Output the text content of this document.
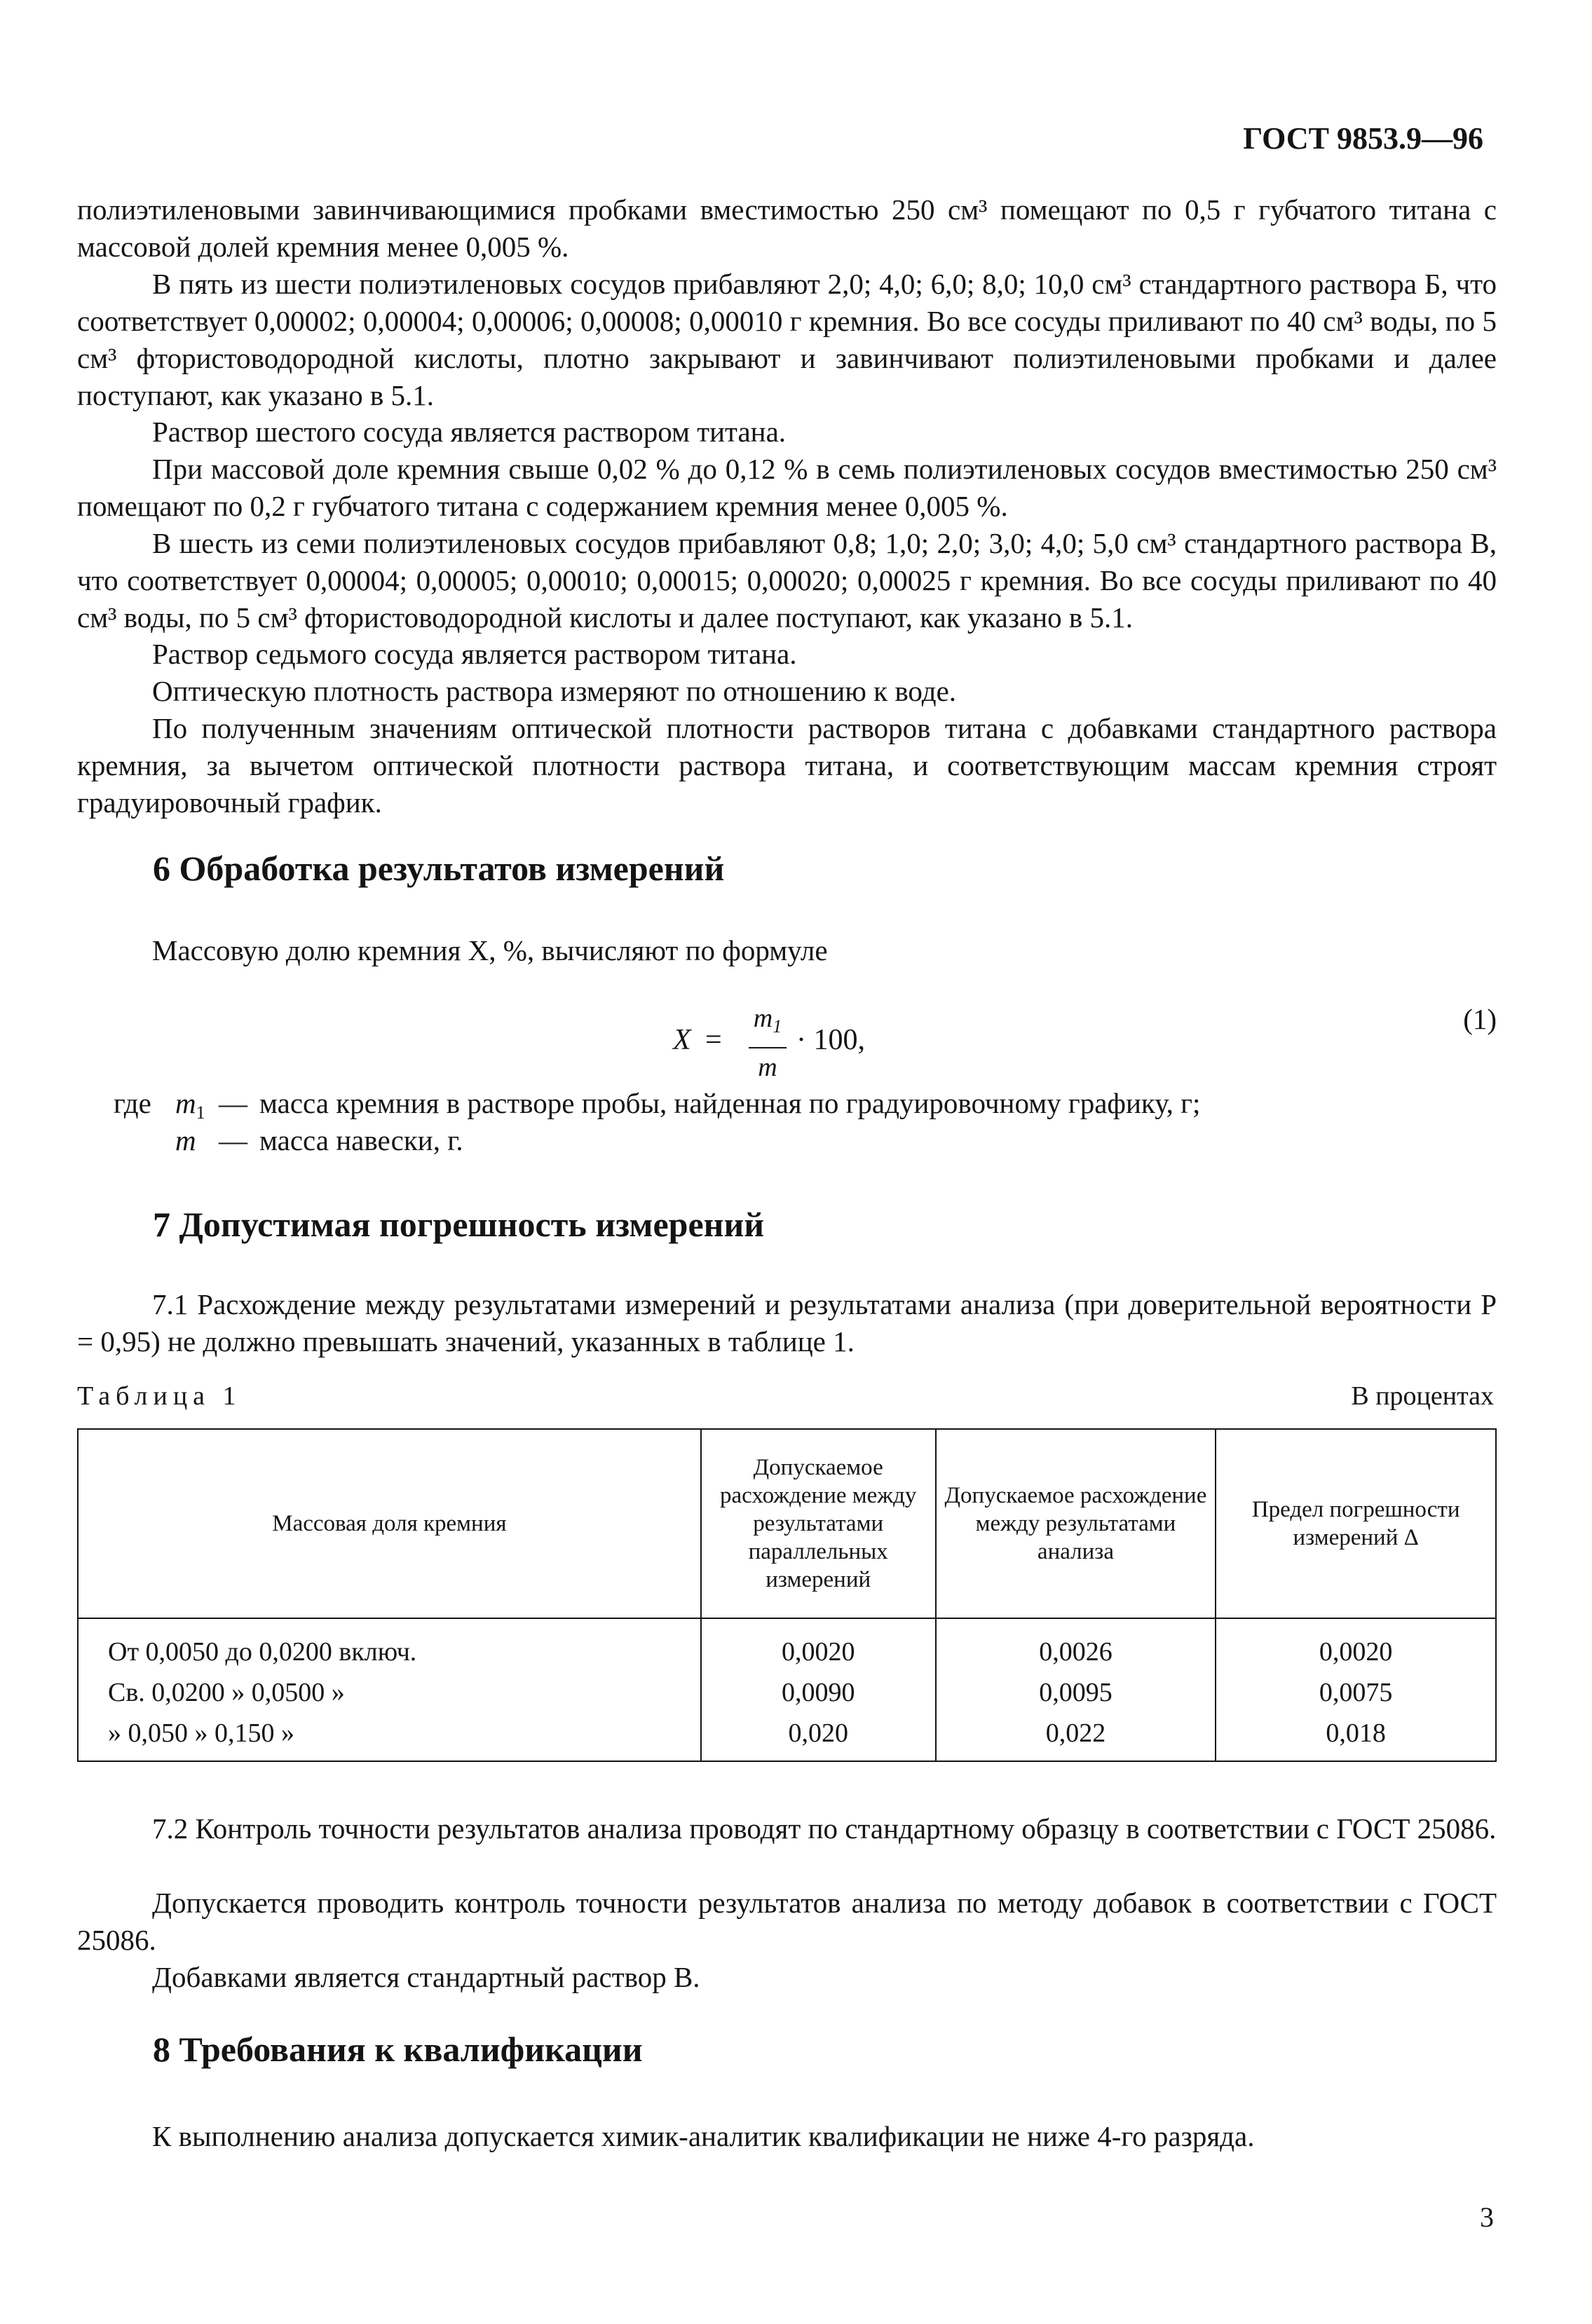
ГОСТ 9853.9—96

полиэтиленовыми завинчивающимися пробками вместимостью 250 см³ помещают по 0,5 г губчатого титана с массовой долей кремния менее 0,005 %.

В пять из шести полиэтиленовых сосудов прибавляют 2,0; 4,0; 6,0; 8,0; 10,0 см³ стандартного раствора Б, что соответствует 0,00002; 0,00004; 0,00006; 0,00008; 0,00010 г кремния. Во все сосуды приливают по 40 см³ воды, по 5 см³ фтористоводородной кислоты, плотно закрывают и завинчивают полиэтиленовыми пробками и далее поступают, как указано в 5.1.

Раствор шестого сосуда является раствором титана.

При массовой доле кремния свыше 0,02 % до 0,12 % в семь полиэтиленовых сосудов вместимостью 250 см³ помещают по 0,2 г губчатого титана с содержанием кремния менее 0,005 %.

В шесть из семи полиэтиленовых сосудов прибавляют 0,8; 1,0; 2,0; 3,0; 4,0; 5,0 см³ стандартного раствора В, что соответствует 0,00004; 0,00005; 0,00010; 0,00015; 0,00020; 0,00025 г кремния. Во все сосуды приливают по 40 см³ воды, по 5 см³ фтористоводородной кислоты и далее поступают, как указано в 5.1.

Раствор седьмого сосуда является раствором титана.

Оптическую плотность раствора измеряют по отношению к воде.

По полученным значениям оптической плотности растворов титана с добавками стандартного раствора кремния, за вычетом оптической плотности раствора титана, и соответствующим массам кремния строят градуировочный график.

6 Обработка результатов измерений

Массовую долю кремния X, %, вычисляют по формуле

X =
$m_1$
m
· 100,
(1)
где $m_1$ — масса кремния в растворе пробы, найденная по градуировочному графику, г;
m — масса навески, г.
7 Допустимая погрешность измерений

7.1 Расхождение между результатами измерений и результатами анализа (при доверительной вероятности P = 0,95) не должно превышать значений, указанных в таблице 1.

Таблица 1	В процентах
Массовая доля кремния	Допускаемое расхождение между результатами параллельных измерений	Допускаемое расхождение между результатами анализа	Предел погрешности измерений Δ
От 0,0050 до 0,0200 включ.	0,0020	0,0026	0,0020
Св. 0,0200 » 0,0500 »	0,0090	0,0095	0,0075
» 0,050 » 0,150 »	0,020	0,022	0,018

7.2 Контроль точности результатов анализа проводят по стандартному образцу в соответствии с ГОСТ 25086.

Допускается проводить контроль точности результатов анализа по методу добавок в соответствии с ГОСТ 25086.

Добавками является стандартный раствор В.

8 Требования к квалификации

К выполнению анализа допускается химик-аналитик квалификации не ниже 4-го разряда.

3
